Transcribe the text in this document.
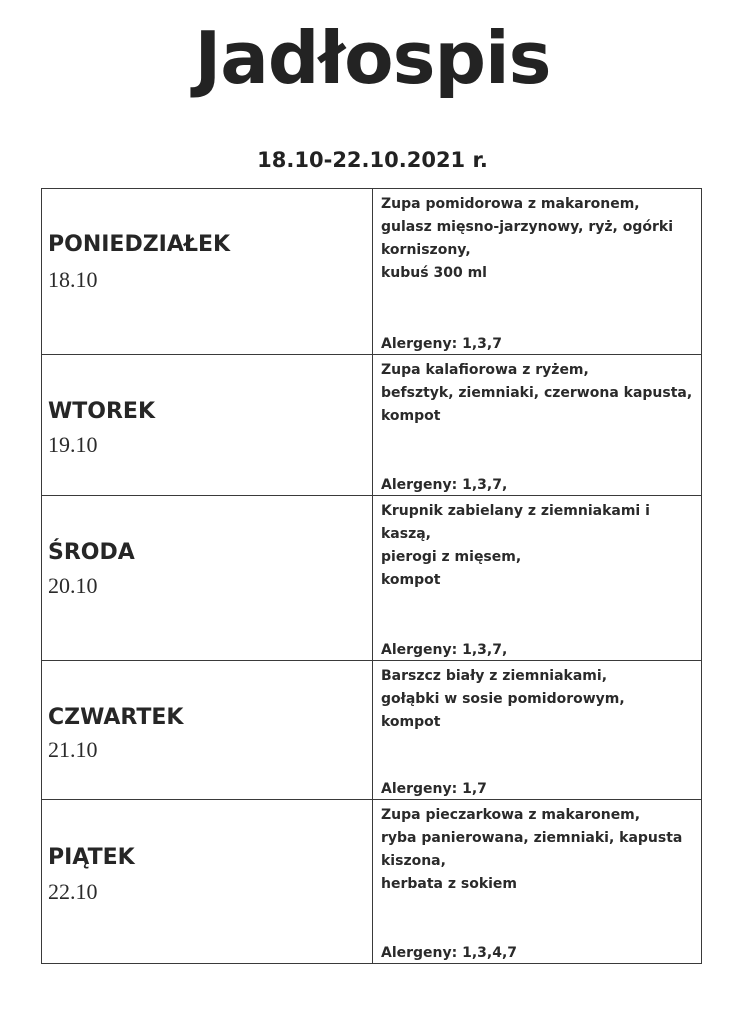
Jadłospis
18.10-22.10.2021 r.
PONIEDZIAŁEK
18.10
Zupa pomidorowa z makaronem,
gulasz mięsno-jarzynowy, ryż, ogórki
korniszony,
kubuś 300 ml
Alergeny: 1,3,7
WTOREK
19.10
Zupa kalafiorowa z ryżem,
befsztyk, ziemniaki, czerwona kapusta,
kompot
Alergeny: 1,3,7,
ŚRODA
20.10
Krupnik zabielany z ziemniakami i
kaszą,
pierogi z mięsem,
kompot
Alergeny: 1,3,7,
CZWARTEK
21.10
Barszcz biały z ziemniakami,
gołąbki w sosie pomidorowym,
kompot
Alergeny: 1,7
PIĄTEK
22.10
Zupa pieczarkowa z makaronem,
ryba panierowana, ziemniaki, kapusta
kiszona,
herbata z sokiem
Alergeny: 1,3,4,7
